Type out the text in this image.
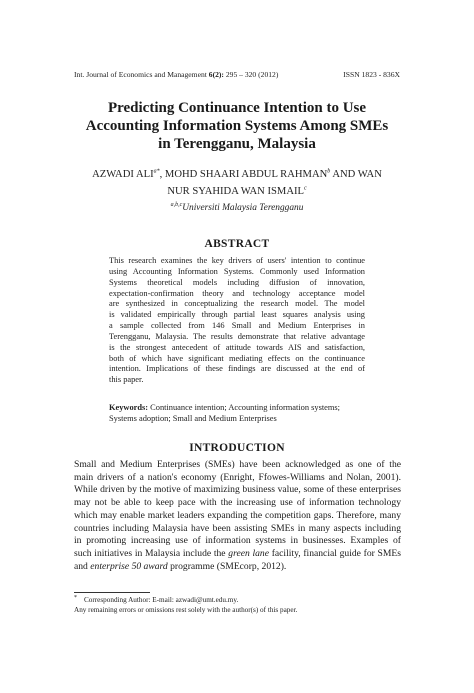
Int. Journal of Economics and Management 6(2): 295 – 320 (2012)	ISSN 1823 - 836X
Predicting Continuance Intention to Use
Accounting Information Systems Among SMEs
in Terengganu, Malaysia
AZWADI $ALI^{a*}$, MOHD SHAARI ABDUL RAHMAN$^b$ AND WAN
NUR SYAHIDA WAN ISMAIL$^c$
$^{a,b,c}$Universiti Malaysia Terengganu
ABSTRACT
This research examines the key drivers of users' intention to continue
using Accounting Information Systems. Commonly used Information
Systems theoretical models including diffusion of innovation,
expectation-confirmation theory and technology acceptance model
are synthesized in conceptualizing the research model. The model
is validated empirically through partial least squares analysis using
a sample collected from 146 Small and Medium Enterprises in
Terengganu, Malaysia. The results demonstrate that relative advantage
is the strongest antecedent of attitude towards AIS and satisfaction,
both of which have significant mediating effects on the continuance
intention. Implications of these findings are discussed at the end of
this paper.
Keywords: Continuance intention; Accounting information systems;
Systems adoption; Small and Medium Enterprises
INTRODUCTION
Small and Medium Enterprises (SMEs) have been acknowledged as one of the
main drivers of a nation's economy (Enright, Ffowes-Williams and Nolan, 2001).
While driven by the motive of maximizing business value, some of these enterprises
may not be able to keep pace with the increasing use of information technology
which may enable market leaders expanding the competition gaps. Therefore, many
countries including Malaysia have been assisting SMEs in many aspects including
in promoting increasing use of information systems in businesses. Examples of
such initiatives in Malaysia include the green lane facility, financial guide for SMEs
and enterprise 50 award programme (SMEcorp, 2012).
* Corresponding Author: E-mail: azwadi@umt.edu.my.
Any remaining errors or omissions rest solely with the author(s) of this paper.
